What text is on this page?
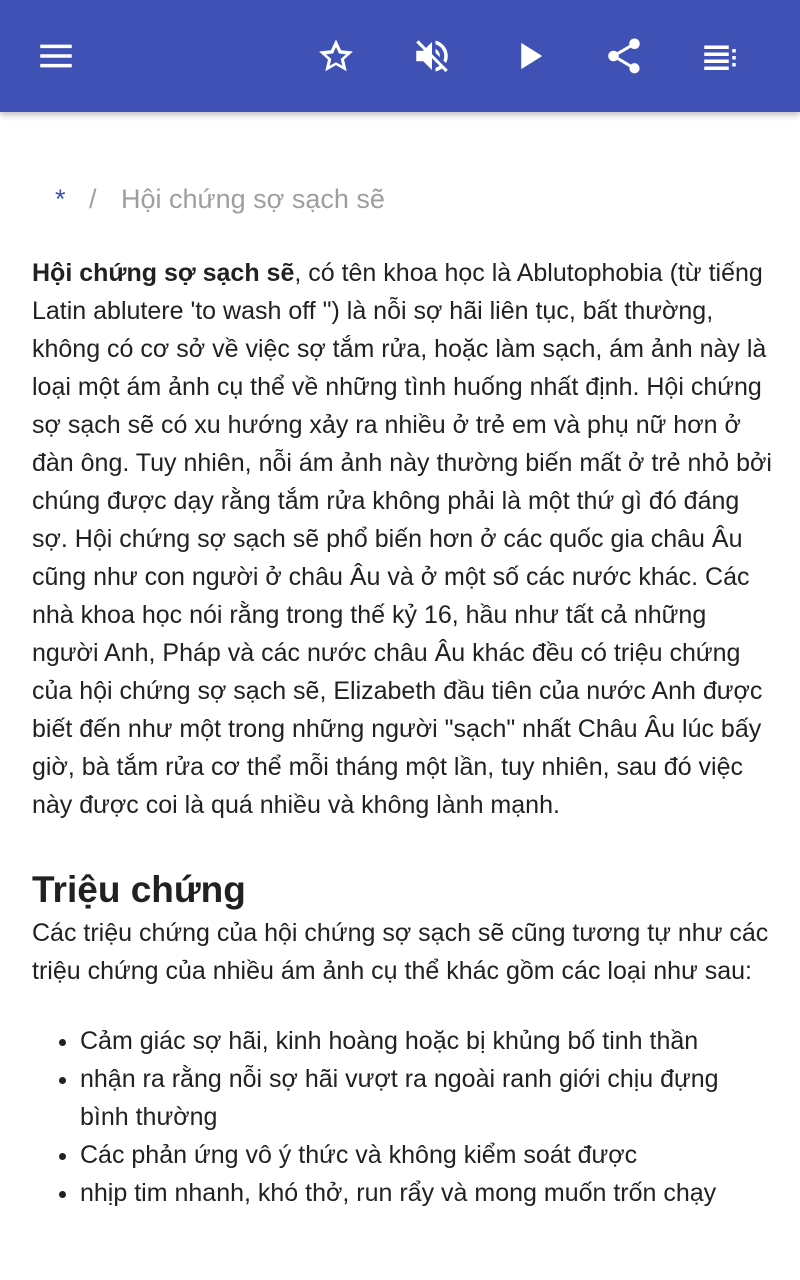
* / Hội chứng sợ sạch sẽ

Hội chứng sợ sạch sẽ, có tên khoa học là Ablutophobia (từ tiếng Latin ablutere 'to wash off ") là nỗi sợ hãi liên tục, bất thường, không có cơ sở về việc sợ tắm rửa, hoặc làm sạch, ám ảnh này là loại một ám ảnh cụ thể về những tình huống nhất định. Hội chứng sợ sạch sẽ có xu hướng xảy ra nhiều ở trẻ em và phụ nữ hơn ở đàn ông. Tuy nhiên, nỗi ám ảnh này thường biến mất ở trẻ nhỏ bởi chúng được dạy rằng tắm rửa không phải là một thứ gì đó đáng sợ. Hội chứng sợ sạch sẽ phổ biến hơn ở các quốc gia châu Âu cũng như con người ở châu Âu và ở một số các nước khác. Các nhà khoa học nói rằng trong thế kỷ 16, hầu như tất cả những người Anh, Pháp và các nước châu Âu khác đều có triệu chứng của hội chứng sợ sạch sẽ, Elizabeth đầu tiên của nước Anh được biết đến như một trong những người "sạch" nhất Châu Âu lúc bấy giờ, bà tắm rửa cơ thể mỗi tháng một lần, tuy nhiên, sau đó việc này được coi là quá nhiều và không lành mạnh.

Triệu chứng

Các triệu chứng của hội chứng sợ sạch sẽ cũng tương tự như các triệu chứng của nhiều ám ảnh cụ thể khác gồm các loại như sau:

• Cảm giác sợ hãi, kinh hoàng hoặc bị khủng bố tinh thần
• nhận ra rằng nỗi sợ hãi vượt ra ngoài ranh giới chịu đựng bình thường
• Các phản ứng vô ý thức và không kiểm soát được
• nhịp tim nhanh, khó thở, run rẩy và mong muốn trốn chạy
